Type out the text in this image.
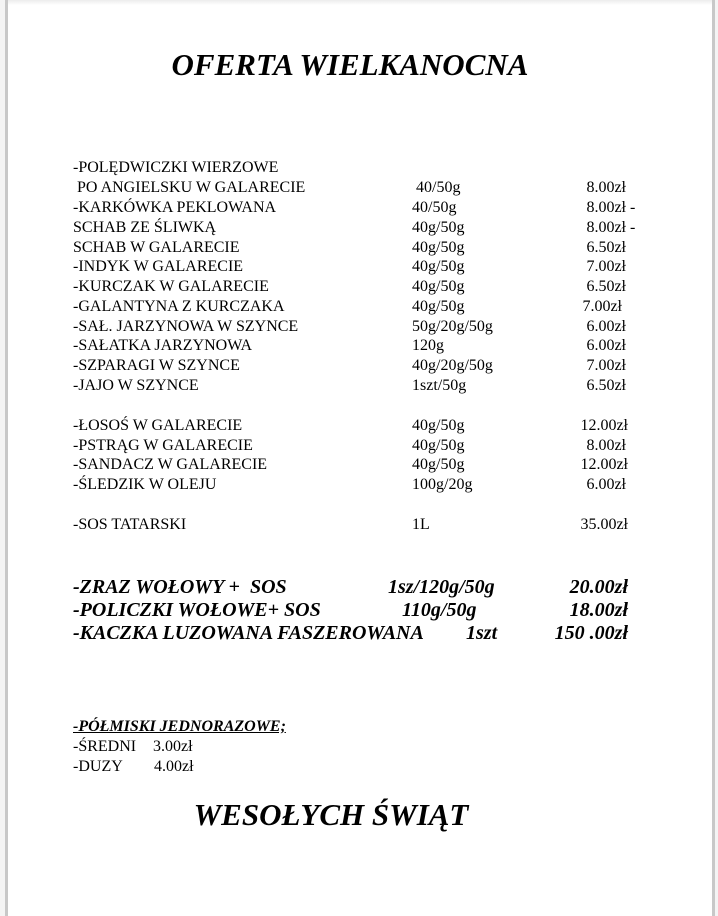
OFERTA WIELKANOCNA
-POLĘDWICZKI WIERZOWE
PO ANGIELSKU W GALARECIE	40/50g	8.00zł
-KARKÓWKA PEKLOWANA	40/50g	8.00zł -
SCHAB ZE ŚLIWKĄ	40g/50g	8.00zł -
SCHAB W GALARECIE	40g/50g	6.50zł
-INDYK W GALARECIE	40g/50g	7.00zł
-KURCZAK W GALARECIE	40g/50g	6.50zł
-GALANTYNA Z KURCZAKA	40g/50g	7.00zł
-SAŁ. JARZYNOWA W SZYNCE	50g/20g/50g	6.00zł
-SAŁATKA JARZYNOWA	120g	6.00zł
-SZPARAGI W SZYNCE	40g/20g/50g	7.00zł
-JAJO W SZYNCE	1szt/50g	6.50zł
-ŁOSOŚ W GALARECIE	40g/50g	12.00zł
-PSTRĄG W GALARECIE	40g/50g	8.00zł
-SANDACZ W GALARECIE	40g/50g	12.00zł
-ŚLEDZIK W OLEJU	100g/20g	6.00zł
-SOS TATARSKI	1L	35.00zł
-ZRAZ WOŁOWY +  SOS	1sz/120g/50g	20.00zł
-POLICZKI WOŁOWE+ SOS	110g/50g	18.00zł
-KACZKA LUZOWANA FASZEROWANA 1szt	150 .00zł
-PÓŁMISKI JEDNORAZOWE;
-ŚREDNI 3.00zł
-DUZY 4.00zł
WESOŁYCH ŚWIĄT
